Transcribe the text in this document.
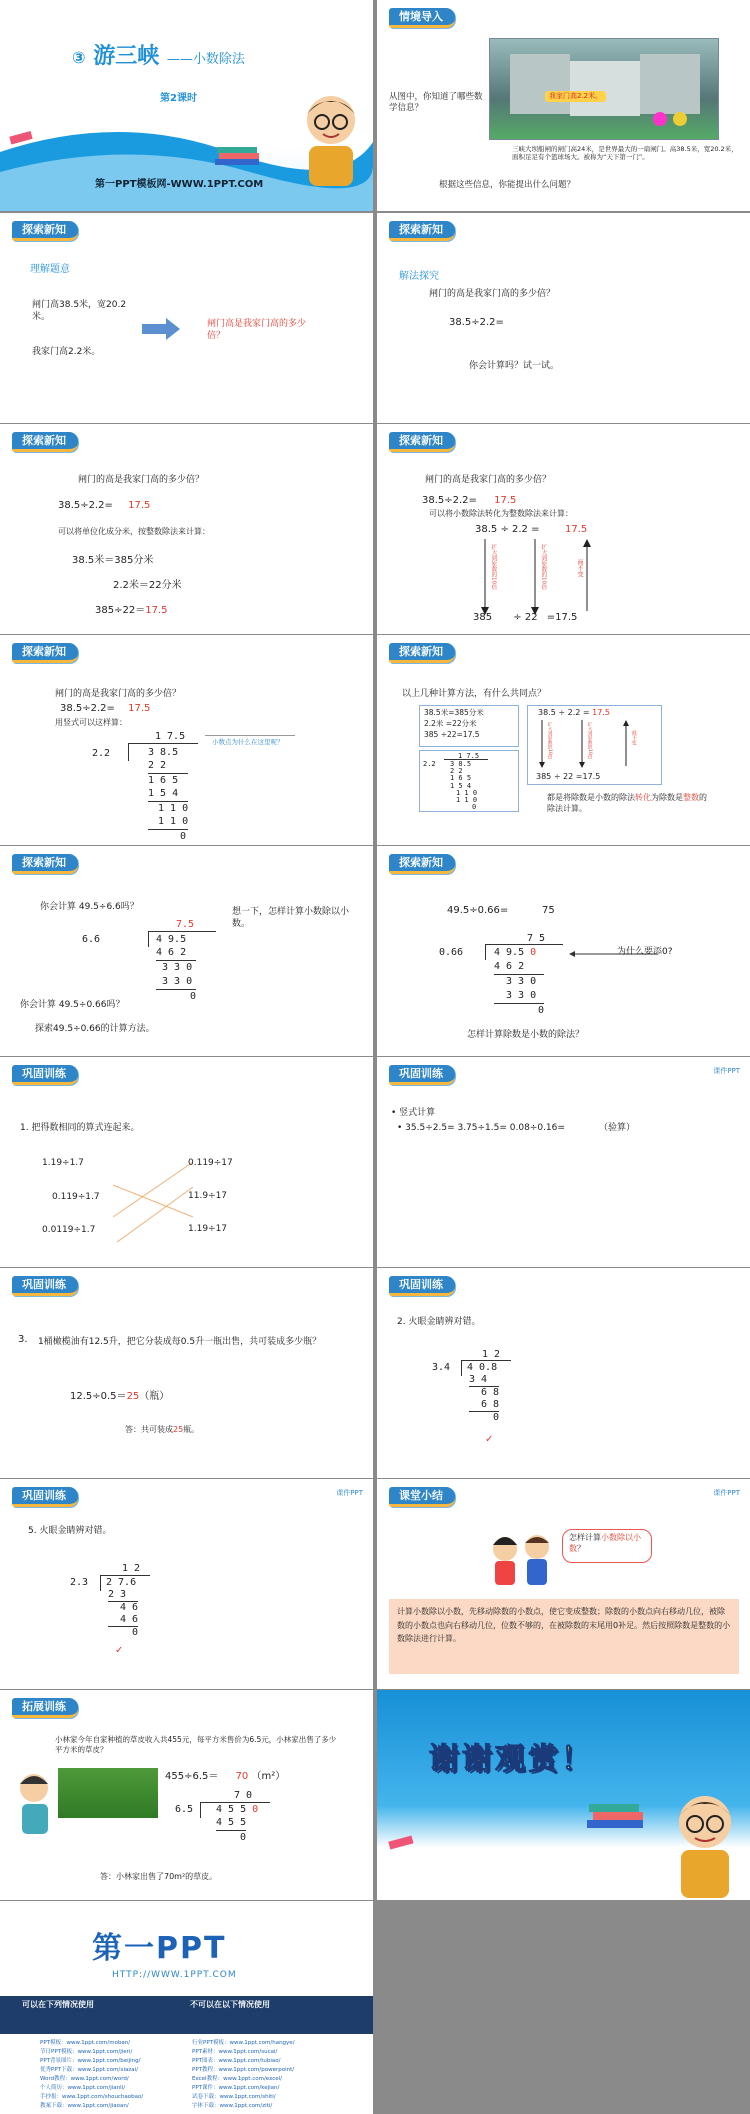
③ 游三峡 ——小数除法
第2课时
第一PPT模板网-WWW.1PPT.COM
情境导入
我家门高2.2米。
从图中，你知道了哪些数学信息？
三峡大坝船闸的闸门高24米，是世界最大的一扇闸门。高38.5米，宽20.2米，面积足足有个篮球场大。被称为“天下第一门”。
根据这些信息，你能提出什么问题？
探索新知
理解题意
闸门高38.5米，宽20.2米。
我家门高2.2米。
闸门高是我家门高的多少倍？
探索新知
解法探究
闸门的高是我家门高的多少倍？
38.5÷2.2=
你会计算吗？试一试。
探索新知
闸门的高是我家门高的多少倍？
38.5÷2.2= 17.5
可以将单位化成分米，按整数除法来计算：
38.5米＝385分米
2.2米＝22分米
385÷22＝17.5
探索新知
闸门的高是我家门高的多少倍？
38.5÷2.2= 17.5
可以将小数除法转化为整数除法来计算：
38.5 ÷ 2.2 =	17.5
扩大到原数的10倍	扩大到原数的10倍	商不变
385 ÷ 22 =17.5
探索新知
闸门的高是我家门高的多少倍？
38.5÷2.2= 17.5
用竖式可以这样算：
1 7.5
2.2	3 8.5
2 2
1 6 5
1 5 4
1 1 0
1 1 0
0
小数点为什么在这里呢？
探索新知
以上几种计算方法，有什么共同点？
38.5米=385分米
2.2米 =22分米
385 ÷22=17.5
1 7.5
2.2 3 8.5
2 2
1 6 5
1 5 4
1 1 0
1 1 0
0
38.5 ÷ 2.2 = 17.5
扩大到原数的10倍	扩大到原数的10倍	商不变
385 ÷ 22 =17.5
都是将除数是小数的除法转化为除数是整数的除法计算。
探索新知
你会计算 49.5÷6.6吗？	想一下，怎样计算小数除以小数。
7.5
6.6	4 9.5
4 6 2
3 3 0
3 3 0
0
你会计算 49.5÷0.66吗？
探索49.5÷0.66的计算方法。
探索新知
49.5÷0.66=	75
7 5
0.66	4 9.5 0	为什么要添0?
4 6 2
3 3 0
3 3 0
0
怎样计算除数是小数的除法？
巩固训练
1. 把得数相同的算式连起来。
1.19÷1.7
0.119÷1.7
0.0119÷1.7
0.119÷17
11.9÷17
1.19÷17
巩固训练	课件PPT
• 竖式计算
• 35.5÷2.5= 3.75÷1.5= 0.08÷0.16=	（验算）
巩固训练
3. 1桶橄榄油有12.5升，把它分装成每0.5升一瓶出售，共可装成多少瓶？
12.5÷0.5＝25（瓶）
答：共可装成25瓶。
巩固训练
2. 火眼金睛辨对错。
1 2
3.4 4 0.8
3 4
6 8
6 8
0
✓
巩固训练	课件PPT
5. 火眼金睛辨对错。
1 2
2.3 2 7.6
2 3
4 6
4 6
0
✓
课堂小结	课件PPT
怎样计算小数除以小数？
计算小数除以小数，先移动除数的小数点，使它变成整数；除数的小数点向右移动几位，被除数的小数点也向右移动几位，位数不够的，在被除数的末尾用0补足。然后按照除数是整数的小数除法进行计算。
拓展训练
小林家今年自家种植的草皮收入共455元，每平方米售价为6.5元，小林家出售了多少平方米的草皮？
455÷6.5＝ 70 （m²）
7 0
6.5 4 5 5 0
4 5 5
0
答：小林家出售了70m²的草皮。
谢谢观赏！
第一PPT
HTTP://WWW.1PPT.COM
可以在下列情况使用	不可以在以下情况使用
PPT模板：www.1ppt.com/moban/
节日PPT模板：www.1ppt.com/jieri/
PPT背景图片：www.1ppt.com/beijing/
优秀PPT下载：www.1ppt.com/xiazai/
Word教程：www.1ppt.com/word/
个人简历：www.1ppt.com/jianli/
手抄报：www.1ppt.com/shouchaobao/
教案下载：www.1ppt.com/jiaoan/
行业PPT模板：www.1ppt.com/hangye/
PPT素材：www.1ppt.com/sucai/
PPT图表：www.1ppt.com/tubiao/
PPT教程：www.1ppt.com/powerpoint/
Excel教程：www.1ppt.com/excel/
PPT课件：www.1ppt.com/kejian/
试卷下载：www.1ppt.com/shiti/
字体下载：www.1ppt.com/ziti/
